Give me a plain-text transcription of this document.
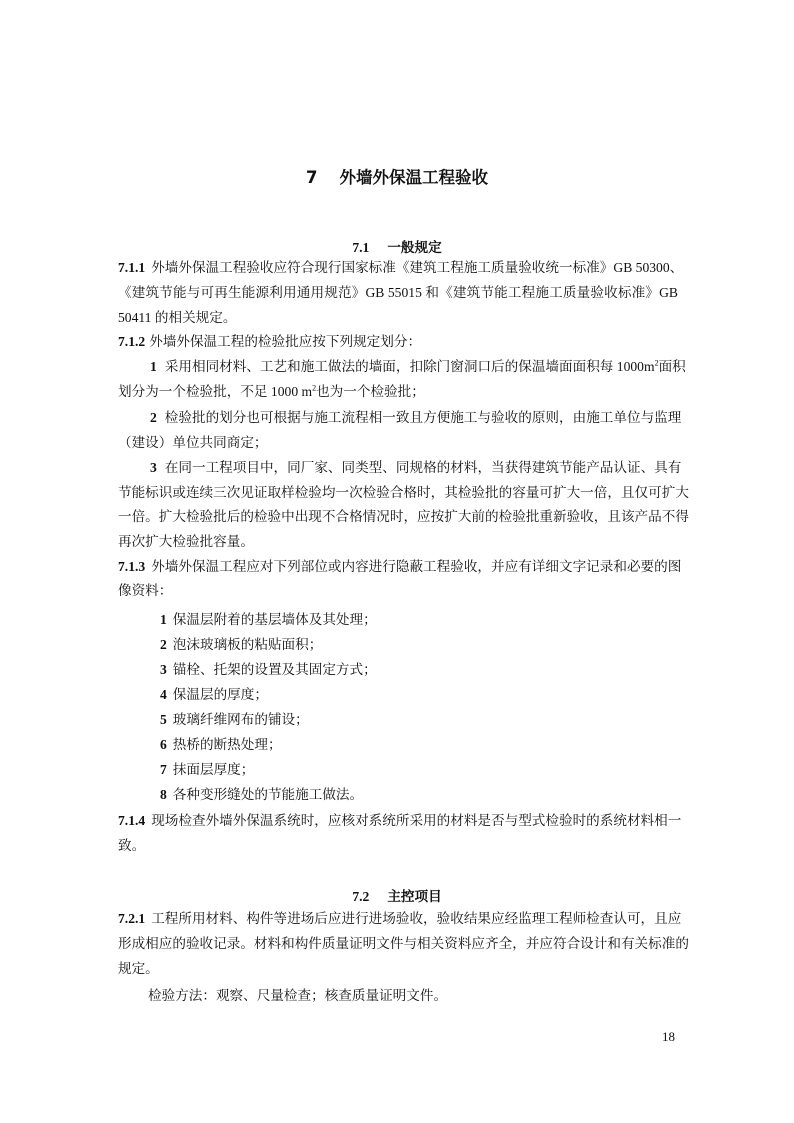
7 外墙外保温工程验收
7.1 一般规定
7.1.1 外墙外保温工程验收应符合现行国家标准《建筑工程施工质量验收统一标准》GB 50300、
《建筑节能与可再生能源利用通用规范》GB 55015 和《建筑节能工程施工质量验收标准》GB
50411 的相关规定。
7.1.2 外墙外保温工程的检验批应按下列规定划分：
1 采用相同材料、工艺和施工做法的墙面，扣除门窗洞口后的保温墙面面积每 $1000m^2$面积
划分为一个检验批，不足 1000 $m^2$也为一个检验批；
2 检验批的划分也可根据与施工流程相一致且方便施工与验收的原则，由施工单位与监理
（建设）单位共同商定；
3 在同一工程项目中，同厂家、同类型、同规格的材料，当获得建筑节能产品认证、具有
节能标识或连续三次见证取样检验均一次检验合格时，其检验批的容量可扩大一倍，且仅可扩大
一倍。扩大检验批后的检验中出现不合格情况时，应按扩大前的检验批重新验收，且该产品不得
再次扩大检验批容量。
7.1.3 外墙外保温工程应对下列部位或内容进行隐蔽工程验收，并应有详细文字记录和必要的图
像资料：
1 保温层附着的基层墙体及其处理；
2 泡沫玻璃板的粘贴面积；
3 锚栓、托架的设置及其固定方式；
4 保温层的厚度；
5 玻璃纤维网布的铺设；
6 热桥的断热处理；
7 抹面层厚度；
8 各种变形缝处的节能施工做法。
7.1.4 现场检查外墙外保温系统时，应核对系统所采用的材料是否与型式检验时的系统材料相一
致。
7.2 主控项目
7.2.1 工程所用材料、构件等进场后应进行进场验收，验收结果应经监理工程师检查认可，且应
形成相应的验收记录。材料和构件质量证明文件与相关资料应齐全，并应符合设计和有关标准的
规定。
检验方法：观察、尺量检查；核查质量证明文件。
18
